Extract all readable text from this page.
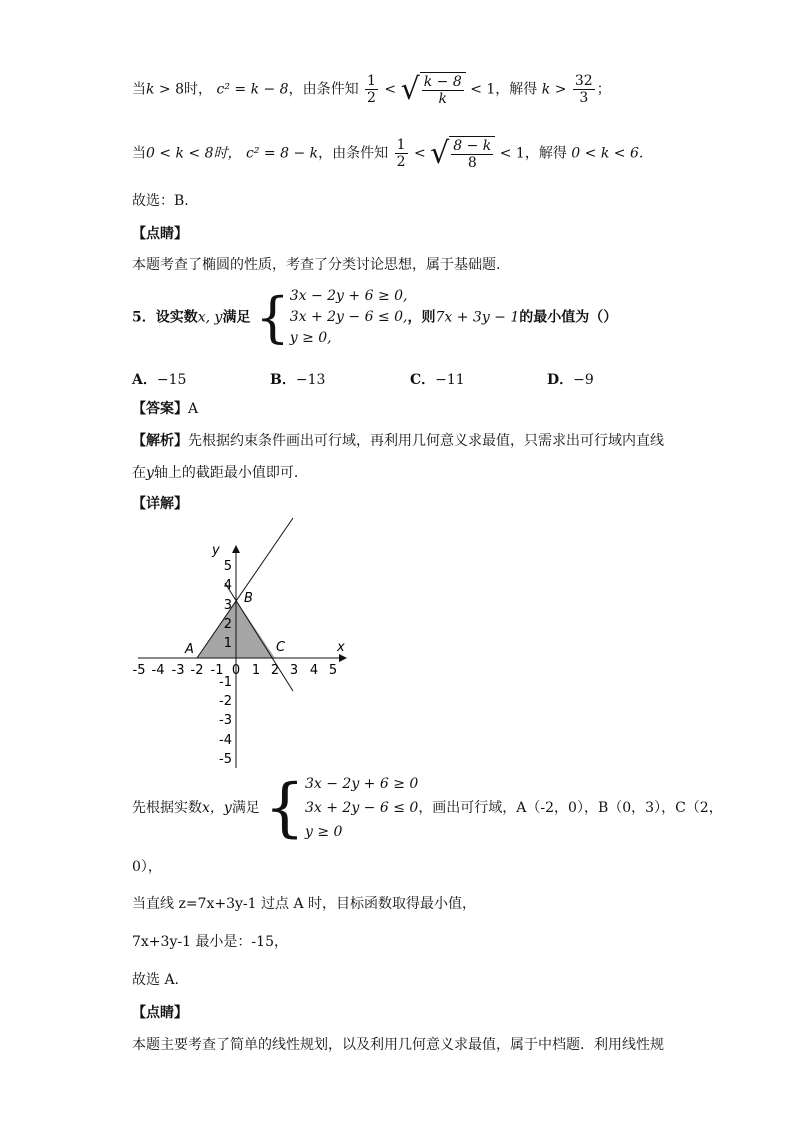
当k > 8时， c² = k − 8，由条件知 $\frac{1}{2}$ < √ $\frac{k - 8}{k} < 1$，解得 $k > \frac{32}{3}$ ；
当0 < k < 8时， c² = 8 − k，由条件知 $\frac{1}{2}$ < √ $\frac{8 - k}{8} < 1$，解得 0 < k < 6.
故选：B.
【点睛】
本题考查了椭圆的性质，考查了分类讨论思想，属于基础题.
5．设实数x, y满足 { 3x − 2y + 6 ≥ 0,
3x + 2y − 6 ≤ 0,
y ≥ 0,
，则7x + 3y − 1的最小值为（）
A．−15	B．−13	C．−11	D．−9
【答案】A
【解析】先根据约束条件画出可行域，再利用几何意义求最值，只需求出可行域内直线
在y轴上的截距最小值即可.
【详解】
x
y
-5 -4 -3 -2 -1 0 1 2 3 4 5
5
4
3
2
1
-1
-2
-3
-4
-5
A
B
C
先根据实数x，y满足 { 3x − 2y + 6 ≥ 0
3x + 2y − 6 ≤ 0
y ≥ 0
，画出可行域，A（-2，0），B（0，3），C（2，
0），
当直线 z=7x+3y-1 过点 A 时，目标函数取得最小值，
7x+3y-1 最小是：-15，
故选 A.
【点睛】
本题主要考查了简单的线性规划，以及利用几何意义求最值，属于中档题．利用线性规
